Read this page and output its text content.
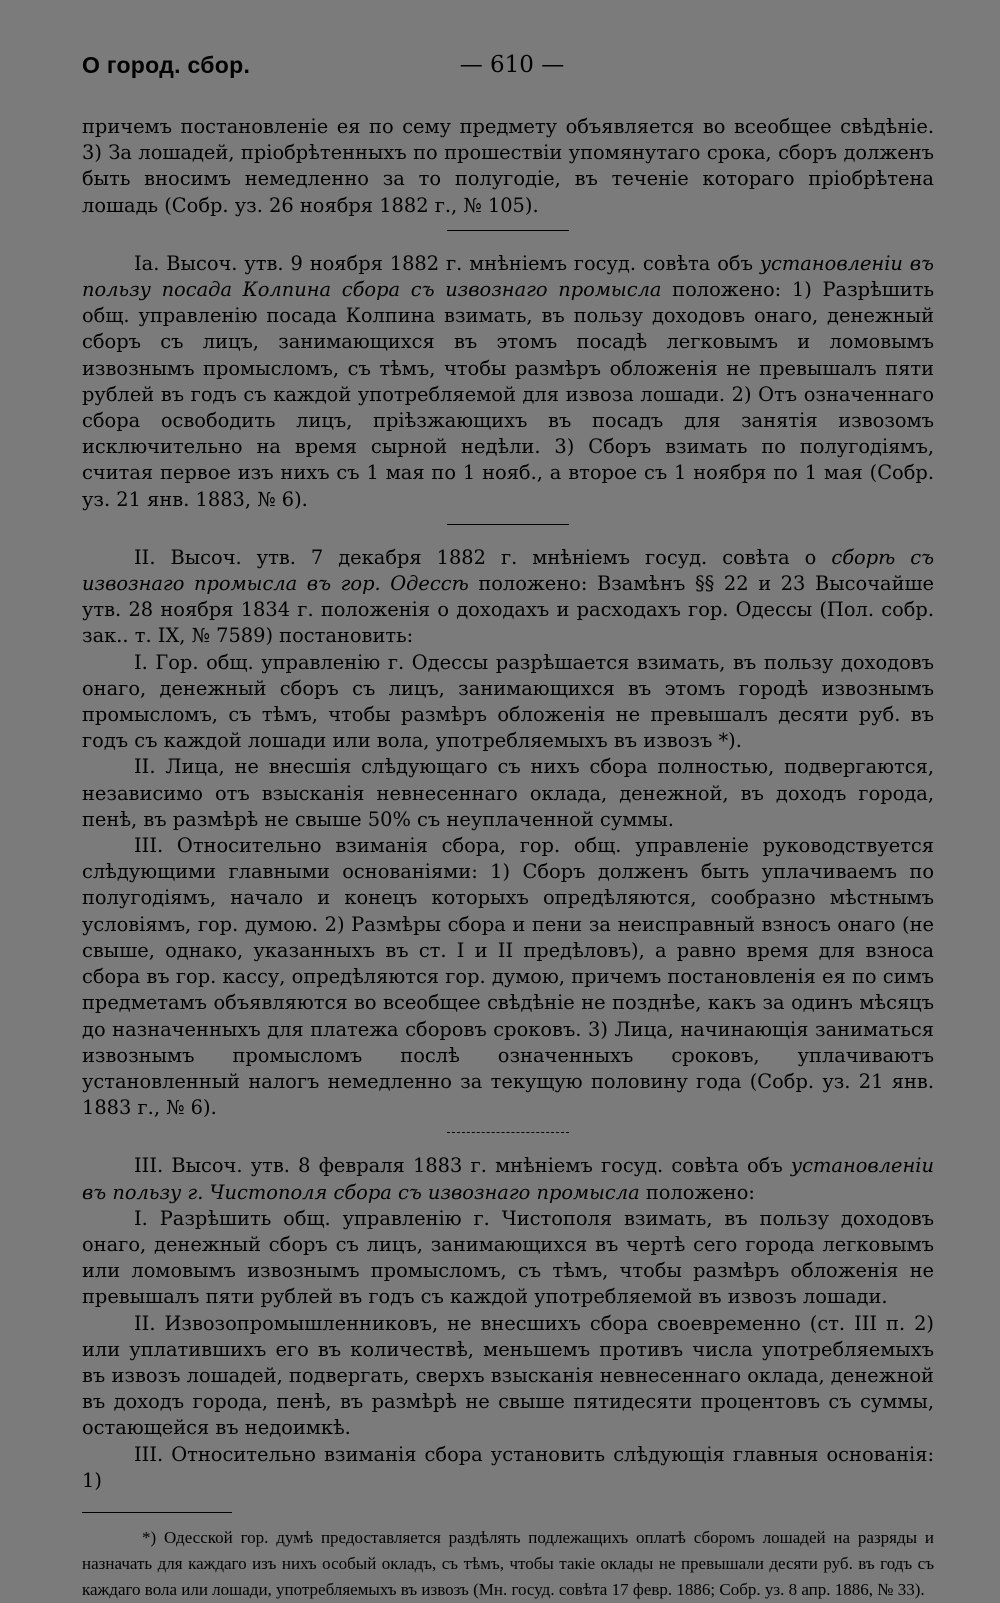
О город. сбор.	— 610 —

причемъ постановленіе ея по сему предмету объявляется во всеобщее свѣдѣніе. 3) За лошадей, пріобрѣтенныхъ по прошествіи упомянутаго срока, сборъ долженъ быть вносимъ немедленно за то полугодіе, въ теченіе котораго пріобрѣтена лошадь (Собр. уз. 26 ноября 1882 г., № 105).

Іа. Высоч. утв. 9 ноября 1882 г. мнѣніемъ госуд. совѣта объ установленіи въ пользу посада Колпина сбора съ извознаго промысла положено: 1) Разрѣшить общ. управленію посада Колпина взимать, въ пользу доходовъ онаго, денежный сборъ съ лицъ, занимающихся въ этомъ посадѣ легковымъ и ломовымъ извознымъ промысломъ, съ тѣмъ, чтобы размѣръ обложенія не превышалъ пяти рублей въ годъ съ каждой употребляемой для извоза лошади. 2) Отъ означеннаго сбора освободить лицъ, пріѣзжающихъ въ посадъ для занятія извозомъ исключительно на время сырной недѣли. 3) Сборъ взимать по полугодіямъ, считая первое изъ нихъ съ 1 мая по 1 нояб., а второе съ 1 ноября по 1 мая (Собр. уз. 21 янв. 1883, № 6).

II. Высоч. утв. 7 декабря 1882 г. мнѣніемъ госуд. совѣта о сборѣ съ извознаго промысла въ гор. Одессѣ положено: Взамѣнъ §§ 22 и 23 Высочайше утв. 28 ноября 1834 г. положенія о доходахъ и расходахъ гор. Одессы (Пол. собр. зак.. т. IX, № 7589) постановить:

I. Гор. общ. управленію г. Одессы разрѣшается взимать, въ пользу доходовъ онаго, денежный сборъ съ лицъ, занимающихся въ этомъ городѣ извознымъ промысломъ, съ тѣмъ, чтобы размѣръ обложенія не превышалъ десяти руб. въ годъ съ каждой лошади или вола, употребляемыхъ въ извозъ *).

II. Лица, не внесшія слѣдующаго съ нихъ сбора полностью, подвергаются, независимо отъ взысканія невнесеннаго оклада, денежной, въ доходъ города, пенѣ, въ размѣрѣ не свыше 50% съ неуплаченной суммы.

III. Относительно взиманія сбора, гор. общ. управленіе руководствуется слѣдующими главными основаніями: 1) Сборъ долженъ быть уплачиваемъ по полугодіямъ, начало и конецъ которыхъ опредѣляются, сообразно мѣстнымъ условіямъ, гор. думою. 2) Размѣры сбора и пени за неисправный взносъ онаго (не свыше, однако, указанныхъ въ ст. I и II предѣловъ), а равно время для взноса сбора въ гор. кассу, опредѣляются гор. думою, причемъ постановленія ея по симъ предметамъ объявляются во всеобщее свѣдѣніе не позднѣе, какъ за одинъ мѣсяцъ до назначенныхъ для платежа сборовъ сроковъ. 3) Лица, начинающія заниматься извознымъ промысломъ послѣ означенныхъ сроковъ, уплачиваютъ установленный налогъ немедленно за текущую половину года (Собр. уз. 21 янв. 1883 г., № 6).

III. Высоч. утв. 8 февраля 1883 г. мнѣніемъ госуд. совѣта объ установленіи въ пользу г. Чистополя сбора съ извознаго промысла положено:

I. Разрѣшить общ. управленію г. Чистополя взимать, въ пользу доходовъ онаго, денежный сборъ съ лицъ, занимающихся въ чертѣ сего города легковымъ или ломовымъ извознымъ промысломъ, съ тѣмъ, чтобы размѣръ обложенія не превышалъ пяти рублей въ годъ съ каждой употребляемой въ извозъ лошади.

II. Извозопромышленниковъ, не внесшихъ сбора своевременно (ст. III п. 2) или уплатившихъ его въ количествѣ, меньшемъ противъ числа употребляемыхъ въ извозъ лошадей, подвергать, сверхъ взысканія невнесеннаго оклада, денежной въ доходъ города, пенѣ, въ размѣрѣ не свыше пятидесяти процентовъ съ суммы, остающейся въ недоимкѣ.

III. Относительно взиманія сбора установить слѣдующія главныя основанія: 1)

*) Одесской гор. думѣ предоставляется раздѣлять подлежащихъ оплатѣ сборомъ лошадей на разряды и назначать для каждаго изъ нихъ особый окладъ, съ тѣмъ, чтобы такіе оклады не превышали десяти руб. въ годъ съ каждаго вола или лошади, употребляемыхъ въ извозъ (Мн. госуд. совѣта 17 февр. 1886; Собр. уз. 8 апр. 1886, № 33).
